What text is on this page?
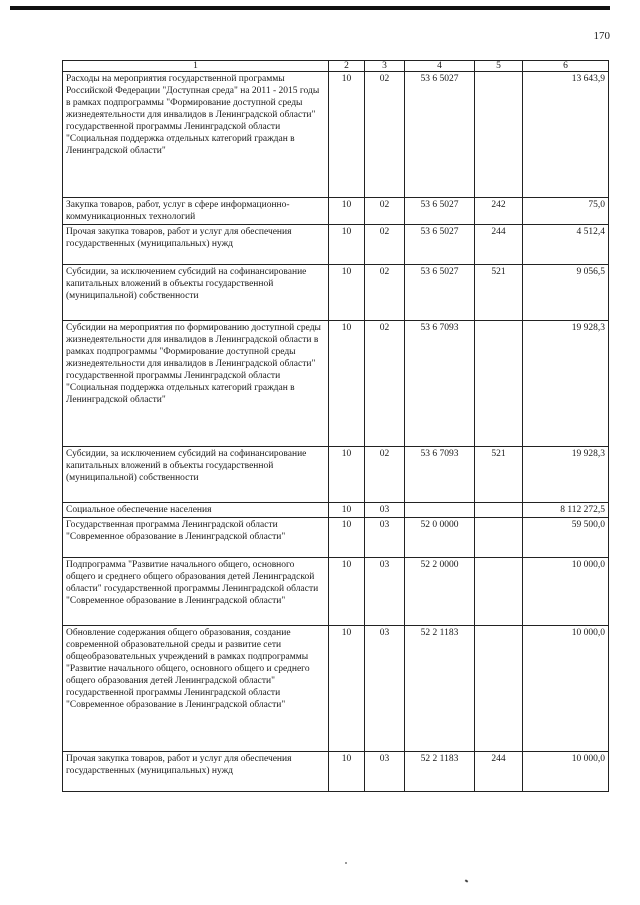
170
1	2	3	4	5	6
Расходы на мероприятия государственной программы Российской Федерации "Доступная среда" на 2011 - 2015 годы в рамках подпрограммы "Формирование доступной среды жизнедеятельности для инвалидов в Ленинградской области" государственной программы Ленинградской области "Социальная поддержка отдельных категорий граждан в Ленинградской области"	10	02	53 6 5027		13 643,9
Закупка товаров, работ, услуг в сфере информационно-коммуникационных технологий	10	02	53 6 5027	242	75,0
Прочая закупка товаров, работ и услуг для обеспечения государственных (муниципальных) нужд	10	02	53 6 5027	244	4 512,4
Субсидии, за исключением субсидий на софинансирование капитальных вложений в объекты государственной (муниципальной) собственности	10	02	53 6 5027	521	9 056,5
Субсидии на мероприятия по формированию доступной среды жизнедеятельности для инвалидов в Ленинградской области в рамках подпрограммы "Формирование доступной среды жизнедеятельности для инвалидов в Ленинградской области" государственной программы Ленинградской области "Социальная поддержка отдельных категорий граждан в Ленинградской области"	10	02	53 6 7093		19 928,3
Субсидии, за исключением субсидий на софинансирование капитальных вложений в объекты государственной (муниципальной) собственности	10	02	53 6 7093	521	19 928,3
Социальное обеспечение населения	10	03			8 112 272,5
Государственная программа Ленинградской области "Современное образование в Ленинградской области"	10	03	52 0 0000		59 500,0
Подпрограмма "Развитие начального общего, основного общего и среднего общего образования детей Ленинградской области" государственной программы Ленинградской области "Современное образование в Ленинградской области"	10	03	52 2 0000		10 000,0
Обновление содержания общего образования, создание современной образовательной среды и развитие сети общеобразовательных учреждений в рамках подпрограммы "Развитие начального общего, основного общего и среднего общего образования детей Ленинградской области" государственной программы Ленинградской области "Современное образование в Ленинградской области"	10	03	52 2 1183		10 000,0
Прочая закупка товаров, работ и услуг для обеспечения государственных (муниципальных) нужд	10	03	52 2 1183	244	10 000,0
